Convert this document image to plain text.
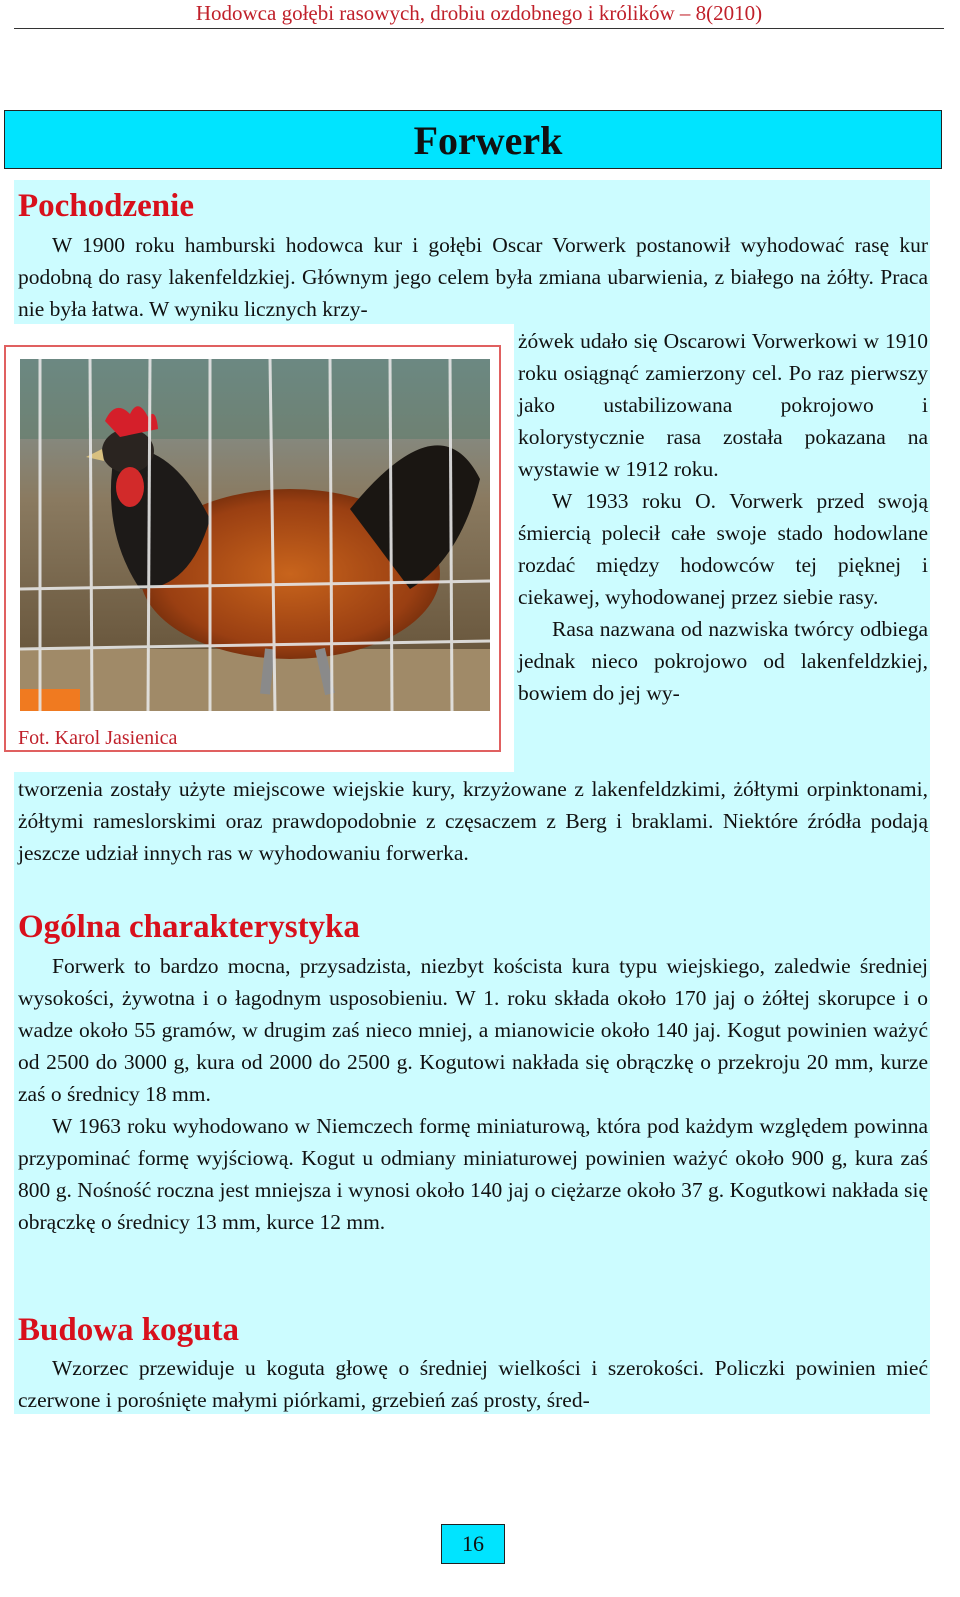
Hodowca gołębi rasowych, drobiu ozdobnego i królików – 8(2010)
Forwerk
Pochodzenie

W 1900 roku hamburski hodowca kur i gołębi Oscar Vorwerk postanowił wyhodować rasę kur podobną do rasy lakenfeldzkiej. Głównym jego celem była zmiana ubarwienia, z białego na żółty. Praca nie była łatwa. W wyniku licznych krzy-

żówek udało się Oscarowi Vorwerkowi w 1910 roku osiągnąć zamierzony cel. Po raz pierwszy jako ustabilizowana pokrojowo i kolorystycznie rasa została pokazana na wystawie w 1912 roku.

W 1933 roku O. Vorwerk przed swoją śmiercią polecił całe swoje stado hodowlane rozdać między hodowców tej pięknej i ciekawej, wyhodowanej przez siebie rasy.

Rasa nazwana od nazwiska twórcy odbiega jednak nieco pokrojowo od lakenfeldzkiej, bowiem do jej wy-

tworzenia zostały użyte miejscowe wiejskie kury, krzyżowane z lakenfeldzkimi, żółtymi orpinktonami, żółtymi rameslorskimi oraz prawdopodobnie z częsaczem z Berg i braklami. Niektóre źródła podają jeszcze udział innych ras w wyhodowaniu forwerka.

Fot. Karol Jasienica
Ogólna charakterystyka

Forwerk to bardzo mocna, przysadzista, niezbyt koścista kura typu wiejskiego, zaledwie średniej wysokości, żywotna i o łagodnym usposobieniu. W 1. roku składa około 170 jaj o żółtej skorupce i o wadze około 55 gramów, w drugim zaś nieco mniej, a mianowicie około 140 jaj. Kogut powinien ważyć od 2500 do 3000 g, kura od 2000 do 2500 g. Kogutowi nakłada się obrączkę o przekroju 20 mm, kurze zaś o średnicy 18 mm.

W 1963 roku wyhodowano w Niemczech formę miniaturową, która pod każdym względem powinna przypominać formę wyjściową. Kogut u odmiany miniaturowej powinien ważyć około 900 g, kura zaś 800 g. Nośność roczna jest mniejsza i wynosi około 140 jaj o ciężarze około 37 g. Kogutkowi nakłada się obrączkę o średnicy 13 mm, kurce 12 mm.

Budowa koguta

Wzorzec przewiduje u koguta głowę o średniej wielkości i szerokości. Policzki powinien mieć czerwone i porośnięte małymi piórkami, grzebień zaś prosty, śred-

16
